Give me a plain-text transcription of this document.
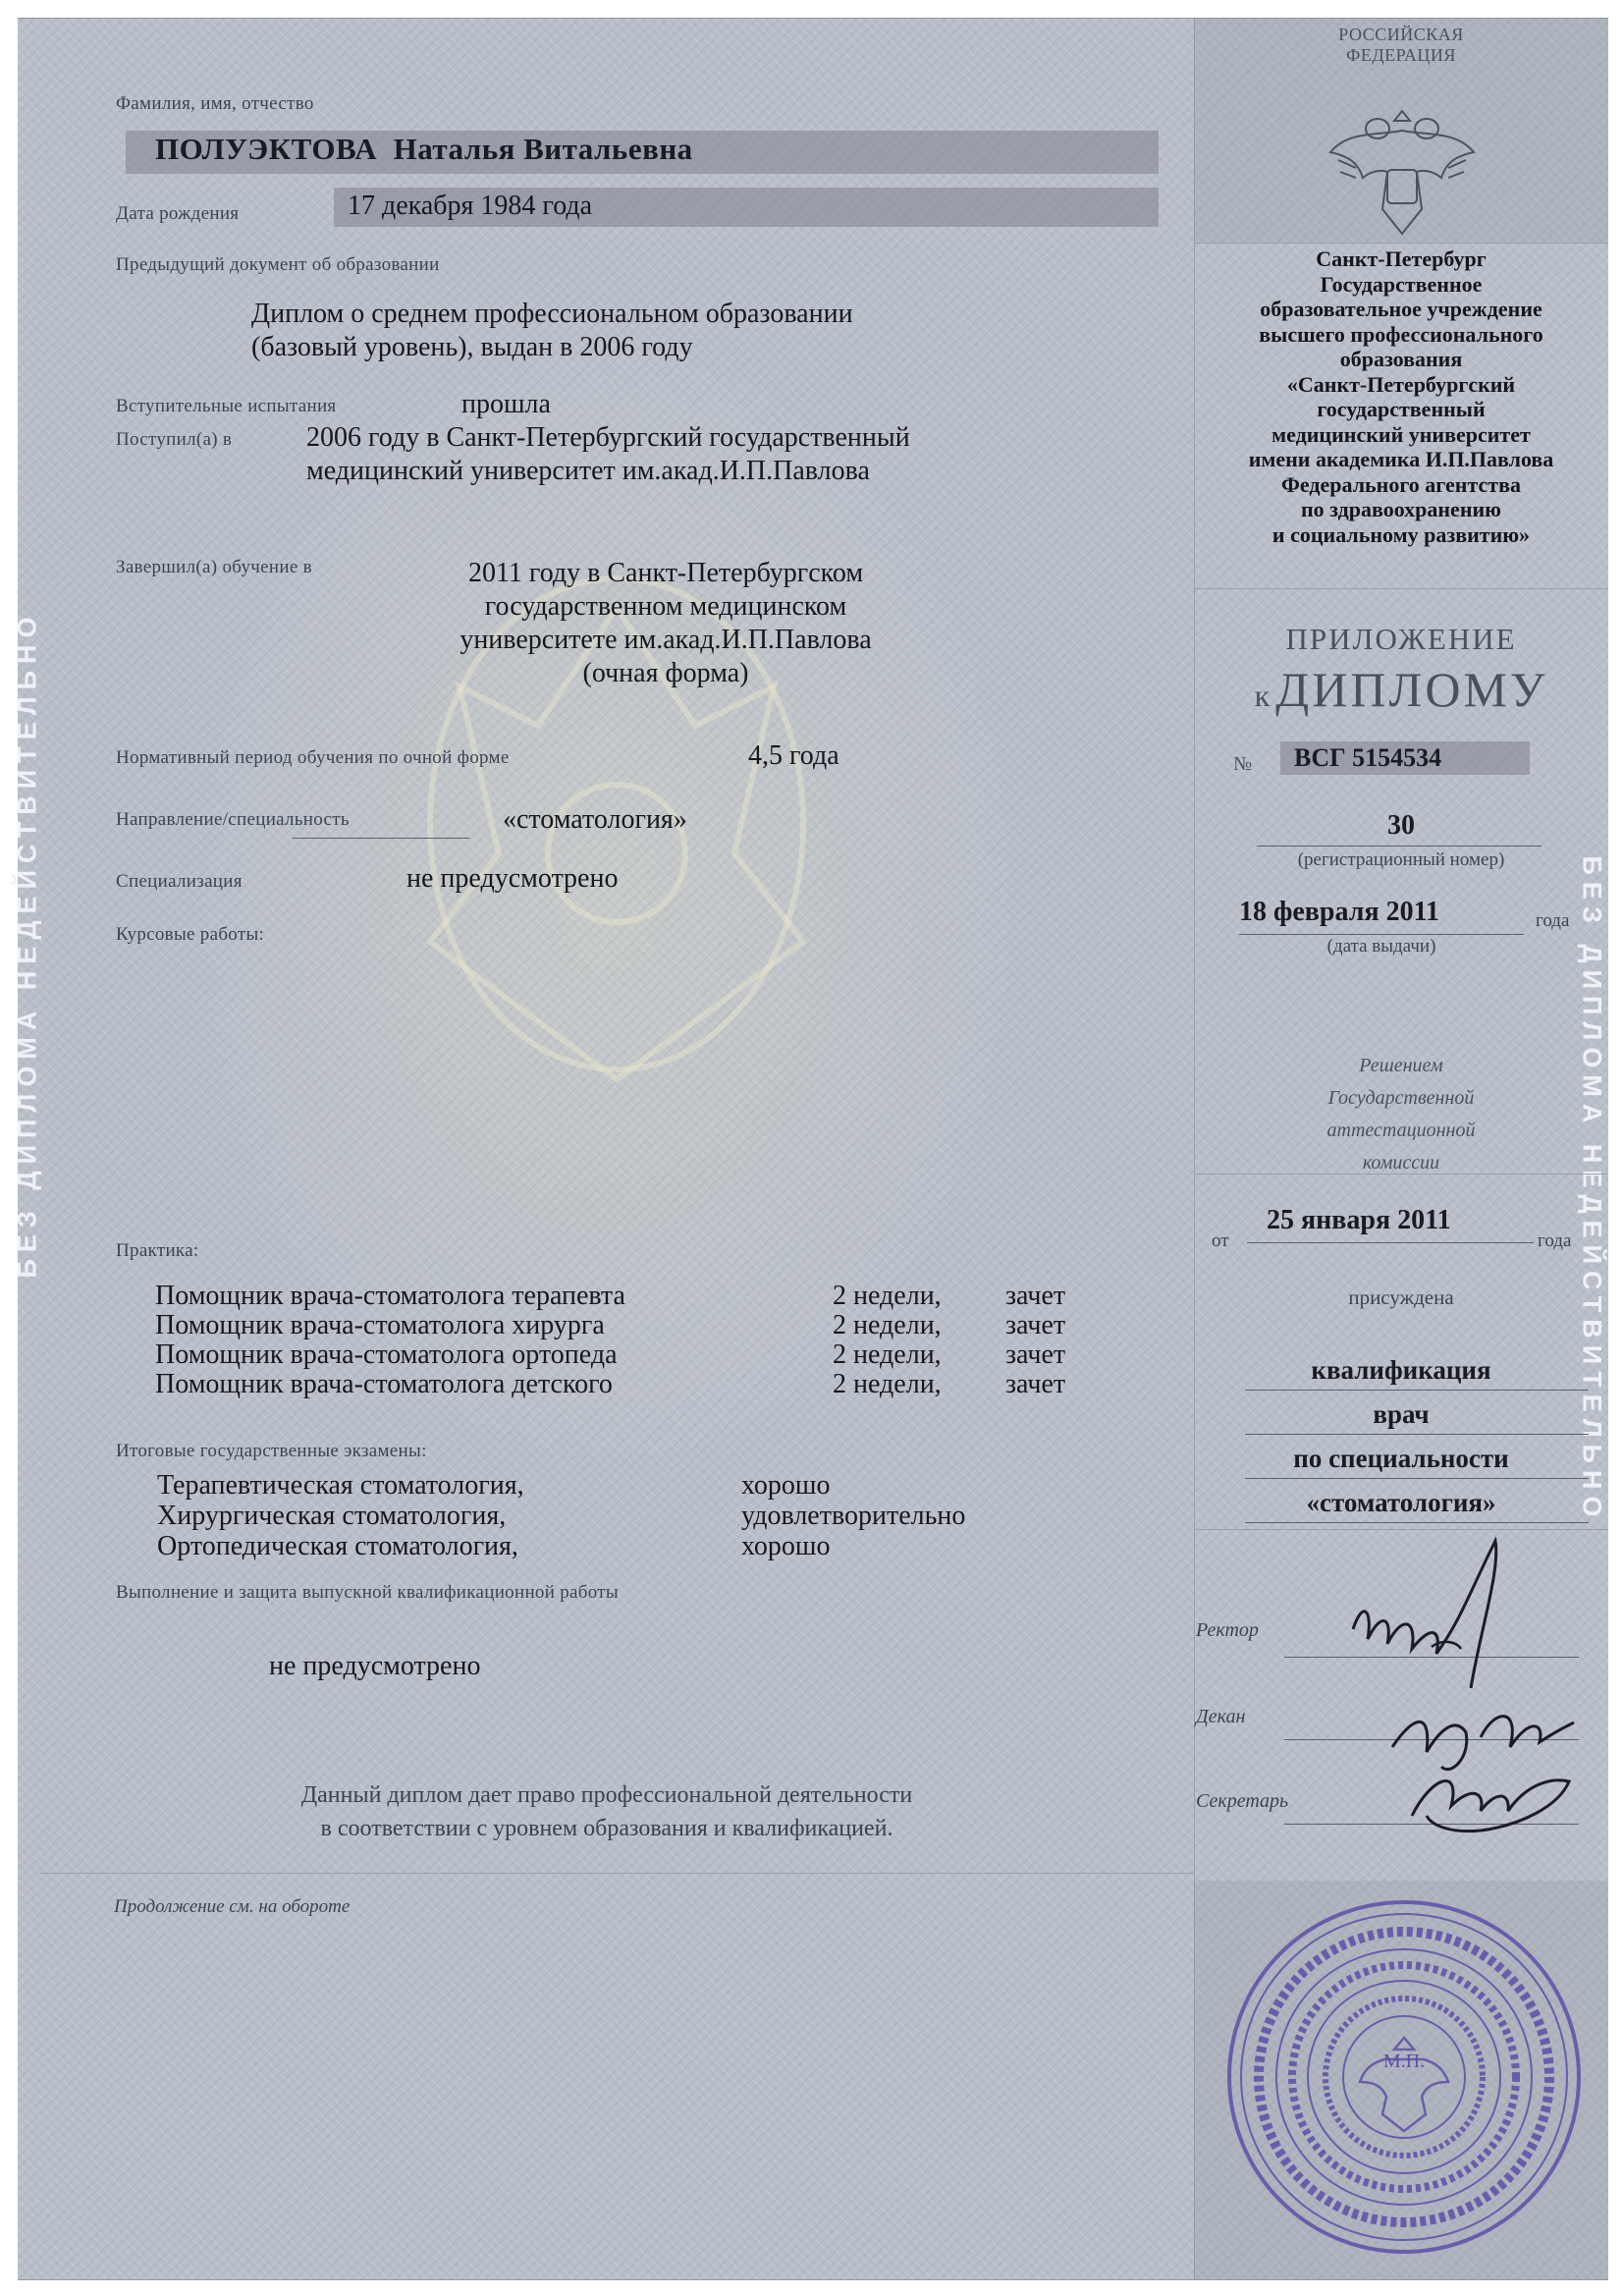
БЕЗ ДИПЛОМА НЕДЕЙСТВИТЕЛЬНО	БЕЗ ДИПЛОМА НЕДЕЙСТВИТЕЛЬНО
Фамилия, имя, отчество
ПОЛУЭКТОВА Наталья Витальевна
Дата рождения	17 декабря 1984 года
Предыдущий документ об образовании
Диплом о среднем профессиональном образовании
(базовый уровень), выдан в 2006 году
Вступительные испытания	прошла
Поступил(а) в	2006 году в Санкт-Петербургский государственный
медицинский университет им.акад.И.П.Павлова
Завершил(а) обучение в	2011 году в Санкт-Петербургском
государственном медицинском
университете им.акад.И.П.Павлова
(очная форма)
Нормативный период обучения по очной форме	4,5 года
Направление/специальность	«стоматология»
Специализация	не предусмотрено
Курсовые работы:
Практика:
Помощник врача-стоматолога терапевта	2 недели, зачет
Помощник врача-стоматолога хирурга	2 недели, зачет
Помощник врача-стоматолога ортопеда	2 недели, зачет
Помощник врача-стоматолога детского	2 недели, зачет
Итоговые государственные экзамены:
Терапевтическая стоматология,	хорошо
Хирургическая стоматология,	удовлетворительно
Ортопедическая стоматология,	хорошо
Выполнение и защита выпускной квалификационной работы
не предусмотрено
Данный диплом дает право профессиональной деятельности
в соответствии с уровнем образования и квалификацией.
Продолжение см. на обороте
РОССИЙСКАЯ
ФЕДЕРАЦИЯ
Санкт-Петербург
Государственное
образовательное учреждение
высшего профессионального
образования
«Санкт-Петербургский
государственный
медицинский университет
имени академика И.П.Павлова
Федерального агентства
по здравоохранению
и социальному развитию»
ПРИЛОЖЕНИЕ
к ДИПЛОМУ
№ ВСГ 5154534
30
(регистрационный номер)
18 февраля 2011	года
(дата выдачи)
Решением
Государственной
аттестационной
комиссии
от
25 января 2011
года
присуждена
квалификация
врач
по специальности
«стоматология»
Ректор
Декан
Секретарь
М.П.
